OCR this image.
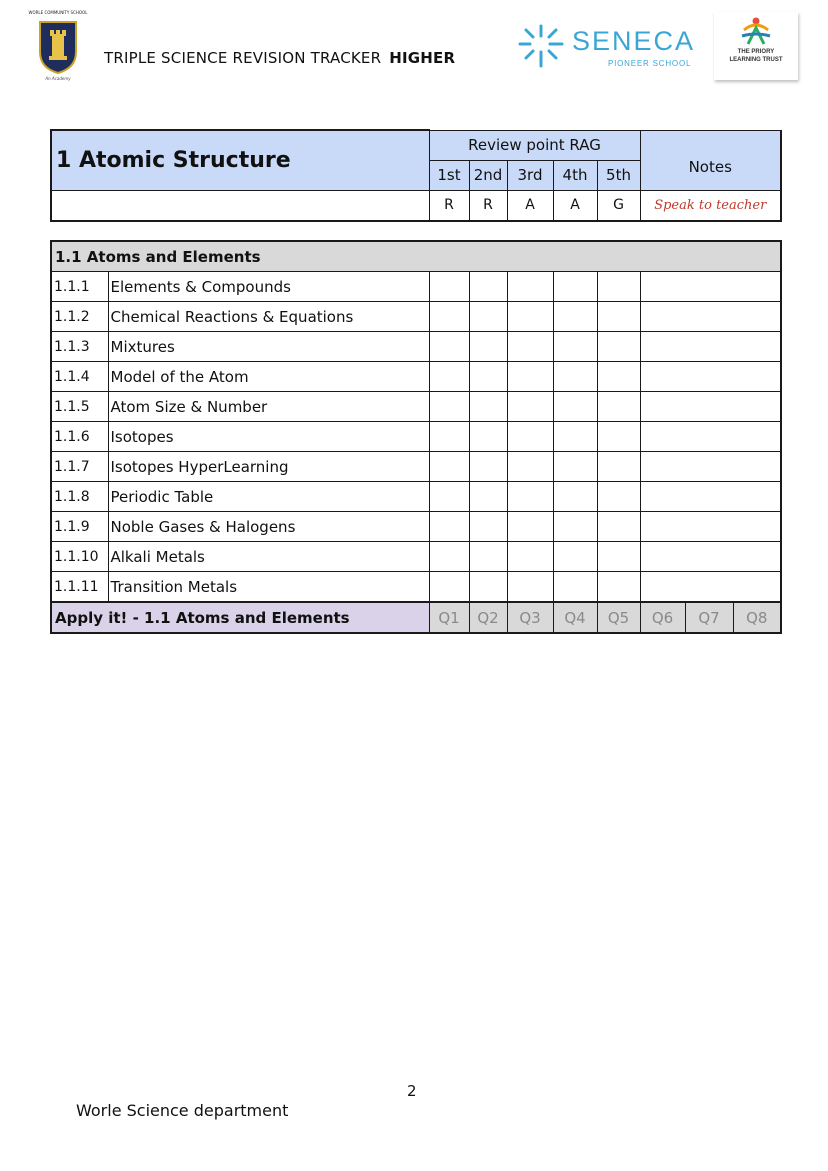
WORLE COMMUNITY SCHOOL
An Academy
TRIPLE SCIENCE REVISION TRACKER HIGHER
SENECA
PIONEER SCHOOL
THE PRIORY
LEARNING TRUST
1 Atomic Structure	Review point RAG					Notes
	1st	2nd	3rd	4th	5th	
	R	R	A	A	G	Speak to teacher
1.1 Atoms and Elements									
1.1.1	Elements & Compounds								
1.1.2	Chemical Reactions & Equations								
1.1.3	Mixtures								
1.1.4	Model of the Atom								
1.1.5	Atom Size & Number								
1.1.6	Isotopes								
1.1.7	Isotopes HyperLearning								
1.1.8	Periodic Table								
1.1.9	Noble Gases & Halogens								
1.1.10	Alkali Metals								
1.1.11	Transition Metals								
Apply it! - 1.1 Atoms and Elements		Q1	Q2	Q3	Q4	Q5	Q6	Q7	Q8
2
Worle Science department
